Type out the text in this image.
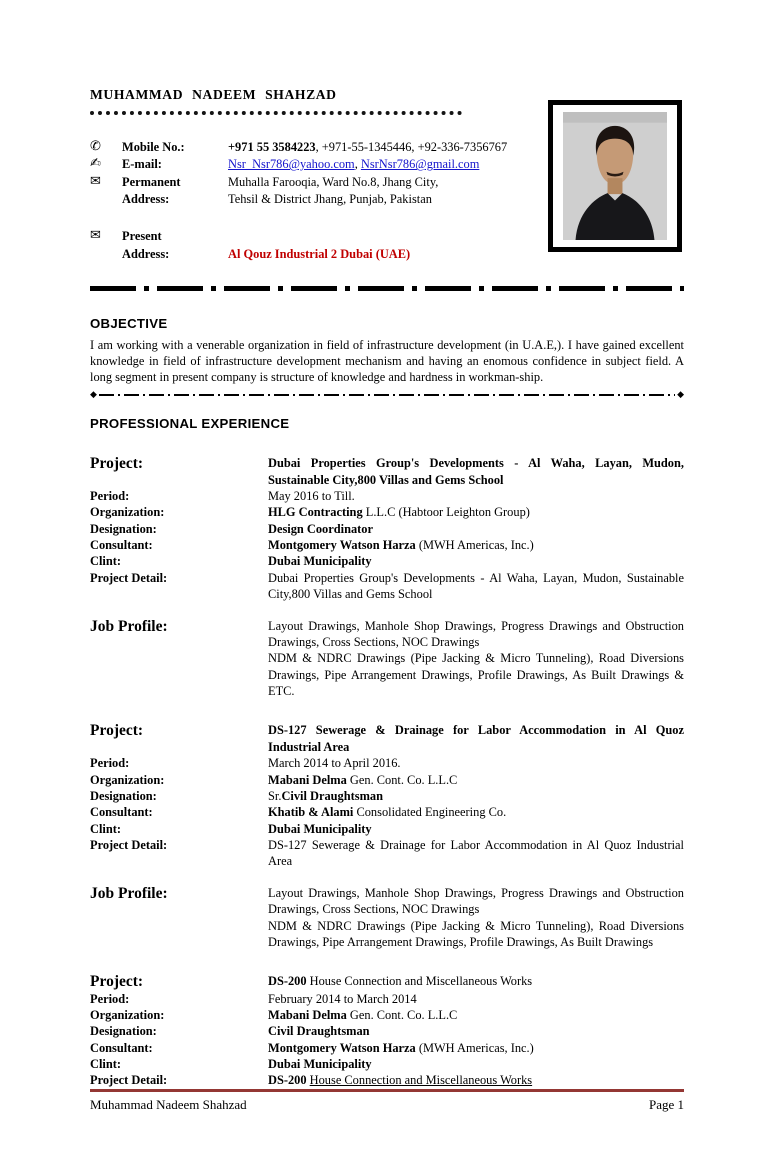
MUHAMMAD NADEEM SHAHZAD
✆	Mobile No.:	+971 55 3584223, +971-55-1345446, +92-336-7356767
✍	E-mail:	Nsr_Nsr786@yahoo.com, NsrNsr786@gmail.com
✉	Permanent	Muhalla Farooqia, Ward No.8, Jhang City,
Address:	Tehsil & District Jhang, Punjab, Pakistan
✉	Present
Address:	Al Qouz Industrial 2 Dubai (UAE)
OBJECTIVE
I am working with a venerable organization in field of infrastructure development (in U.A.E,). I have gained excellent knowledge in field of infrastructure development mechanism and having an enomous confidence in subject field. A long segment in present company is structure of knowledge and hardness in workman-ship.
◆	◆
PROFESSIONAL EXPERIENCE
Project:	Dubai Properties Group's Developments - Al Waha, Layan, Mudon, Sustainable City,800 Villas and Gems School
Period:	May 2016 to Till.
Organization:	HLG Contracting L.L.C (Habtoor Leighton Group)
Designation:	Design Coordinator
Consultant:	Montgomery Watson Harza (MWH Americas, Inc.)
Clint:	Dubai Municipality
Project Detail:	Dubai Properties Group's Developments - Al Waha, Layan, Mudon, Sustainable City,800 Villas and Gems School
Job Profile:	Layout Drawings, Manhole Shop Drawings, Progress Drawings and Obstruction Drawings, Cross Sections, NOC Drawings
NDM & NDRC Drawings (Pipe Jacking & Micro Tunneling), Road Diversions Drawings, Pipe Arrangement Drawings, Profile Drawings, As Built Drawings & ETC.
Project:	DS-127 Sewerage & Drainage for Labor Accommodation in Al Quoz Industrial Area
Period:	March 2014 to April 2016.
Organization:	Mabani Delma Gen. Cont. Co. L.L.C
Designation:	Sr.Civil Draughtsman
Consultant:	Khatib & Alami Consolidated Engineering Co.
Clint:	Dubai Municipality
Project Detail:	DS-127 Sewerage & Drainage for Labor Accommodation in Al Quoz Industrial Area
Job Profile:	Layout Drawings, Manhole Shop Drawings, Progress Drawings and Obstruction Drawings, Cross Sections, NOC Drawings
NDM & NDRC Drawings (Pipe Jacking & Micro Tunneling), Road Diversions Drawings, Pipe Arrangement Drawings, Profile Drawings, As Built Drawings
Project:	DS-200 House Connection and Miscellaneous Works
Period:	February 2014 to March 2014
Organization:	Mabani Delma Gen. Cont. Co. L.L.C
Designation:	Civil Draughtsman
Consultant:	Montgomery Watson Harza (MWH Americas, Inc.)
Clint:	Dubai Municipality
Project Detail:	DS-200 House Connection and Miscellaneous Works
Muhammad Nadeem Shahzad	Page 1
